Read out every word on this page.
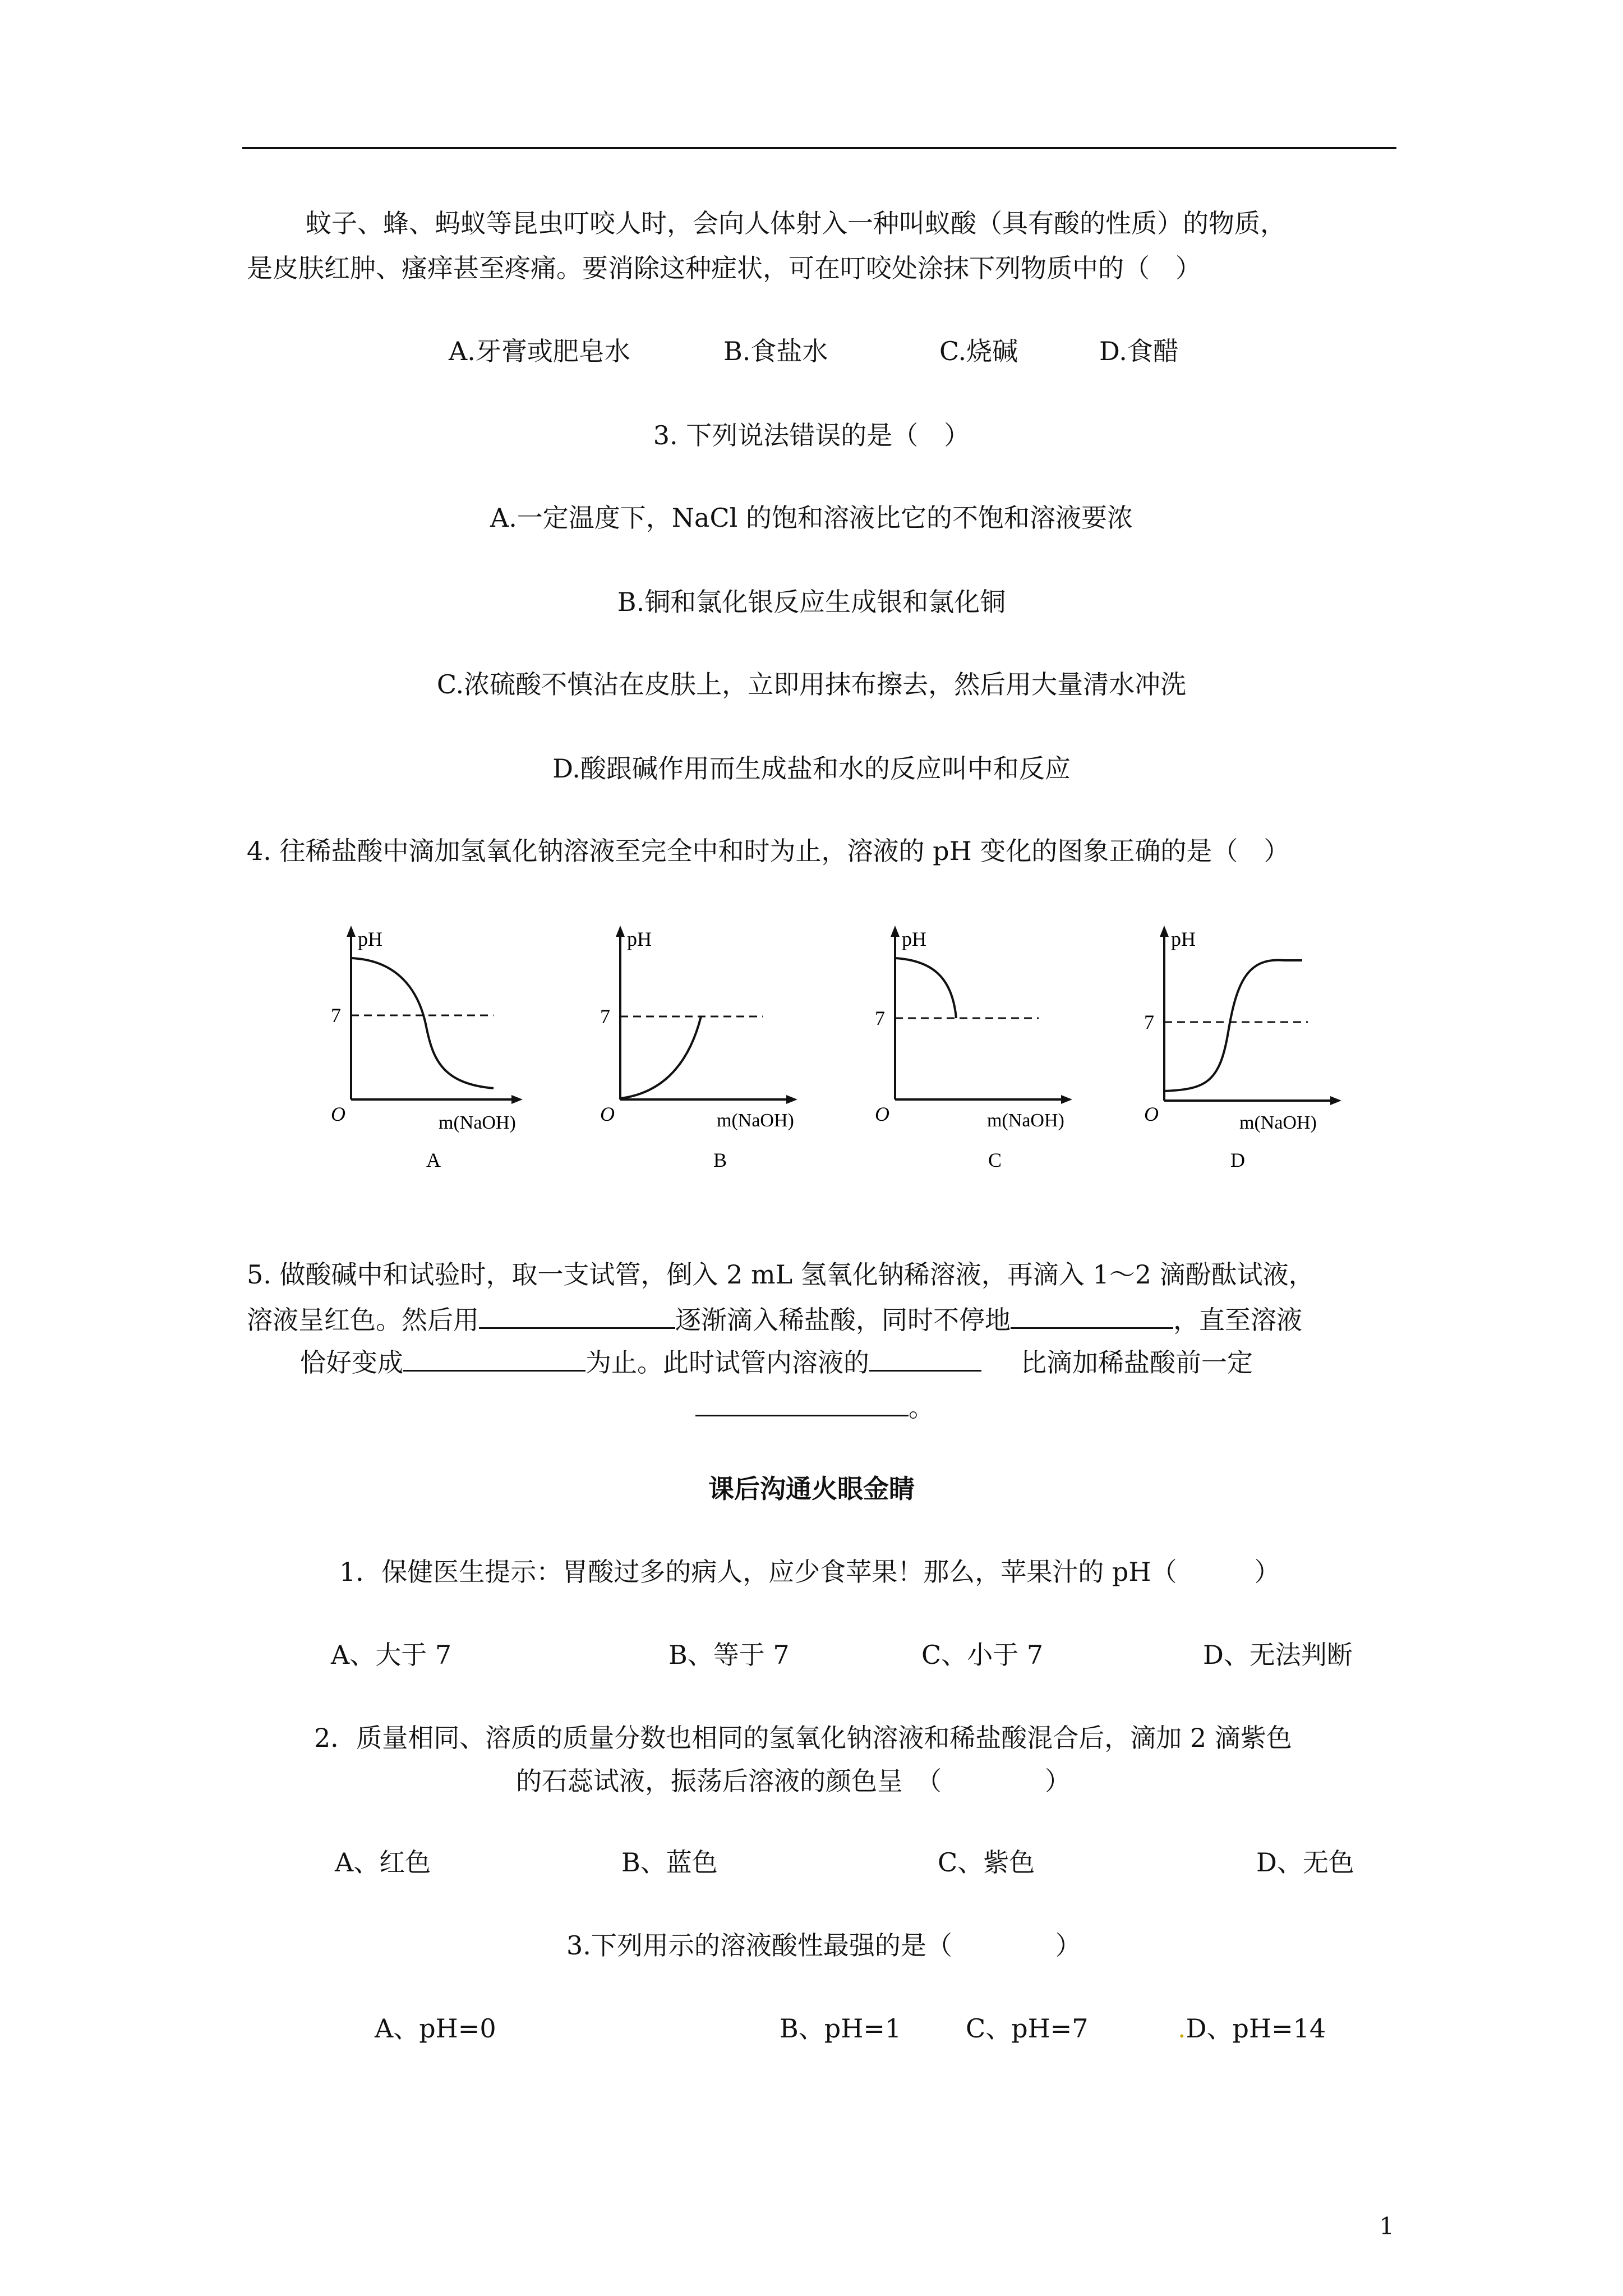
蚊子、蜂、蚂蚁等昆虫叮咬人时，会向人体射入一种叫蚁酸（具有酸的性质）的物质，
是皮肤红肿、瘙痒甚至疼痛。要消除这种症状，可在叮咬处涂抹下列物质中的（　）
A.牙膏或肥皂水	B.食盐水	C.烧碱	D.食醋
3. 下列说法错误的是（　）
A.一定温度下，NaCl 的饱和溶液比它的不饱和溶液要浓
B.铜和氯化银反应生成银和氯化铜
C.浓硫酸不慎沾在皮肤上，立即用抹布擦去，然后用大量清水冲洗
D.酸跟碱作用而生成盐和水的反应叫中和反应
4. 往稀盐酸中滴加氢氧化钠溶液至完全中和时为止，溶液的 pH 变化的图象正确的是（　）
pH
7
O	m(NaOH)
A
pH
7
O	m(NaOH)
B
pH
7
O	m(NaOH)
C
pH
7
O	m(NaOH)
D
5. 做酸碱中和试验时，取一支试管，倒入 2 mL 氢氧化钠稀溶液，再滴入 1～2 滴酚酞试液，
溶液呈红色。然后用	逐渐滴入稀盐酸，同时不停地	，直至溶液
恰好变成	为止。此时试管内溶液的	比滴加稀盐酸前一定
。
课后沟通火眼金睛
1．保健医生提示：胃酸过多的病人，应少食苹果！那么，苹果汁的 pH（　　　）
A、大于 7	B、等于 7	C、小于 7	D、无法判断
2．质量相同、溶质的质量分数也相同的氢氧化钠溶液和稀盐酸混合后，滴加 2 滴紫色
的石蕊试液，振荡后溶液的颜色呈　（　　　　）
A、红色	B、蓝色	C、紫色	D、无色
3.下列用示的溶液酸性最强的是（　　　　）
A、pH=0	B、pH=1 C、pH=7	.D、pH=14
1
